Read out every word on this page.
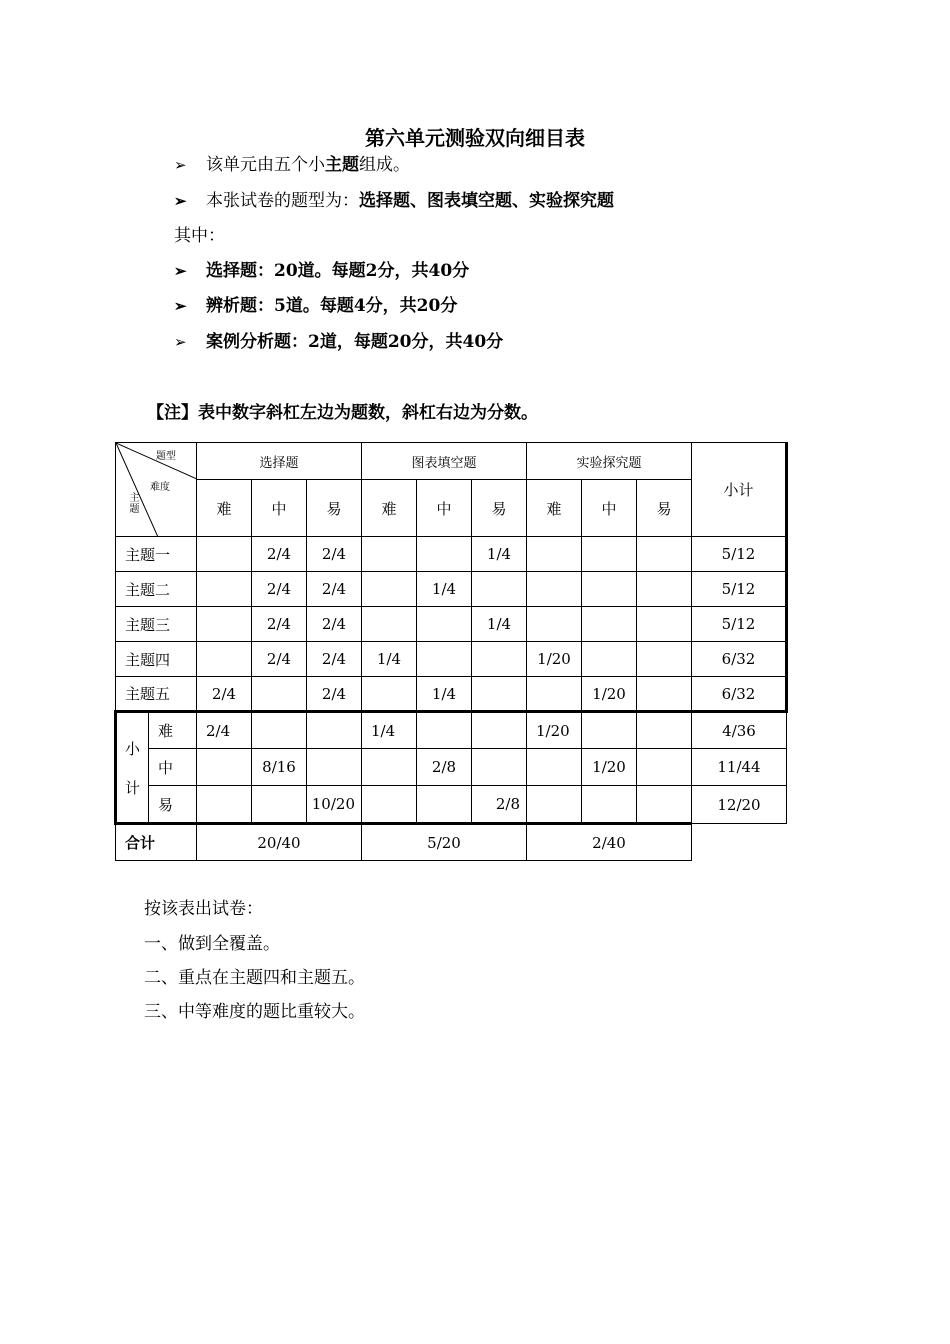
第六单元测验双向细目表
➢ 该单元由五个小主题组成。
➢ 本张试卷的题型为：选择题、图表填空题、实验探究题
其中：
➢ 选择题：20道。每题2分，共40分
➢ 辨析题：5道。每题4分，共20分
➢ 案例分析题：2道，每题20分，共40分
【注】表中数字斜杠左边为题数，斜杠右边为分数。
题型
难度
主题		选择题			图表填空题			实验探究题			小计
		难	中	易	难	中	易	难	中	易	
主题一			2/4	2/4			1/4				5/12
主题二			2/4	2/4		1/4					5/12
主题三			2/4	2/4			1/4				5/12
主题四			2/4	2/4	1/4			1/20			6/32
主题五		2/4		2/4		1/4			1/20		6/32

小
计	难	2/4			1/4			1/20			4/36
	中		8/16			2/8			1/20		11/44
	易			10/20			2/8				12/20
合计		20/40			5/20			2/40			
按该表出试卷：
一、做到全覆盖。
二、重点在主题四和主题五。
三、中等难度的题比重较大。
